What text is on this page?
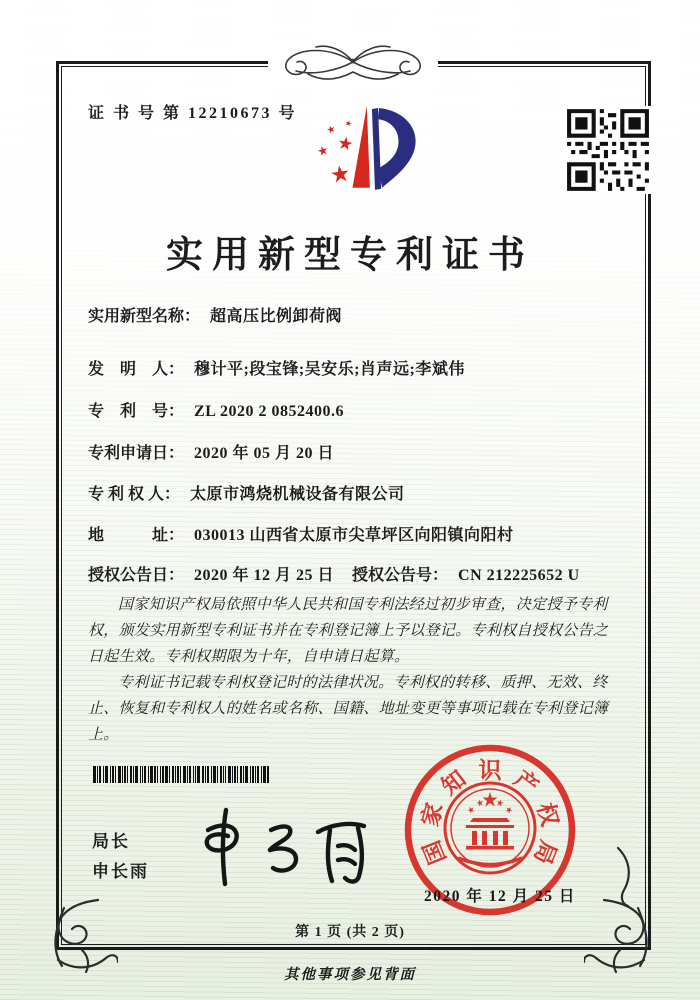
证 书 号 第 12210673 号
实用新型专利证书
实用新型名称： 超高压比例卸荷阀
发　明　人： 穆计平;段宝锋;吴安乐;肖声远;李斌伟
专　利　号： ZL 2020 2 0852400.6
专利申请日： 2020 年 05 月 20 日
专 利 权 人： 太原市鸿烧机械设备有限公司
地　　　址： 030013 山西省太原市尖草坪区向阳镇向阳村
授权公告日： 2020 年 12 月 25 日 授权公告号： CN 212225652 U

国家知识产权局依照中华人民共和国专利法经过初步审查，决定授予专利权，颁发实用新型专利证书并在专利登记簿上予以登记。专利权自授权公告之日起生效。专利权期限为十年，自申请日起算。

专利证书记载专利权登记时的法律状况。专利权的转移、质押、无效、终止、恢复和专利权人的姓名或名称、国籍、地址变更等事项记载在专利登记簿上。

局长
申长雨
国
家
知 识 产
权
局
2020 年 12 月 25 日
第 1 页 (共 2 页)
其他事项参见背面
